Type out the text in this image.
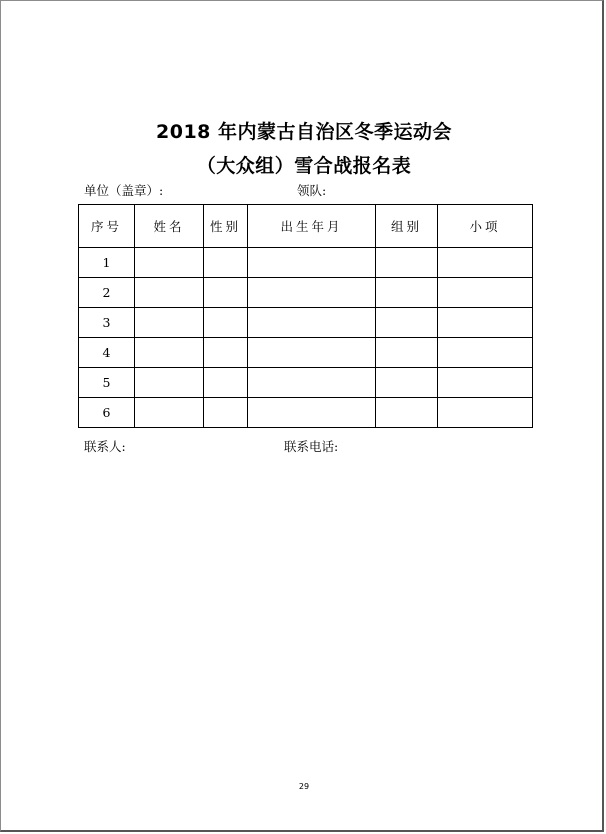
2018 年内蒙古自治区冬季运动会
（大众组）雪合战报名表
单位（盖章）:	领队:
序号	姓名	性别	出生年月	组别	小项
1					
2					
3					
4					
5					
6					
联系人:	联系电话:
29
